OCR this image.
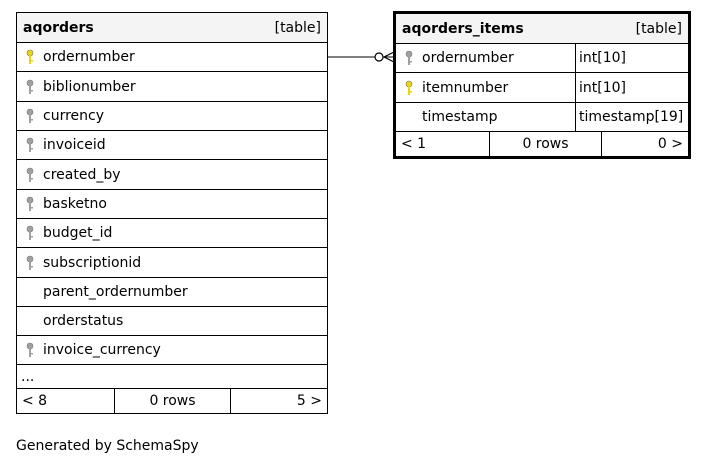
aqorders	[table]
ordernumber
biblionumber
currency
invoiceid
created_by
basketno
budget_id
subscriptionid
parent_ordernumber
orderstatus
invoice_currency
...
< 8	0 rows	5 >
aqorders_items	[table]
ordernumber	int[10]
itemnumber	int[10]
timestamp	timestamp[19]
< 1	0 rows	0 >
Generated by SchemaSpy
